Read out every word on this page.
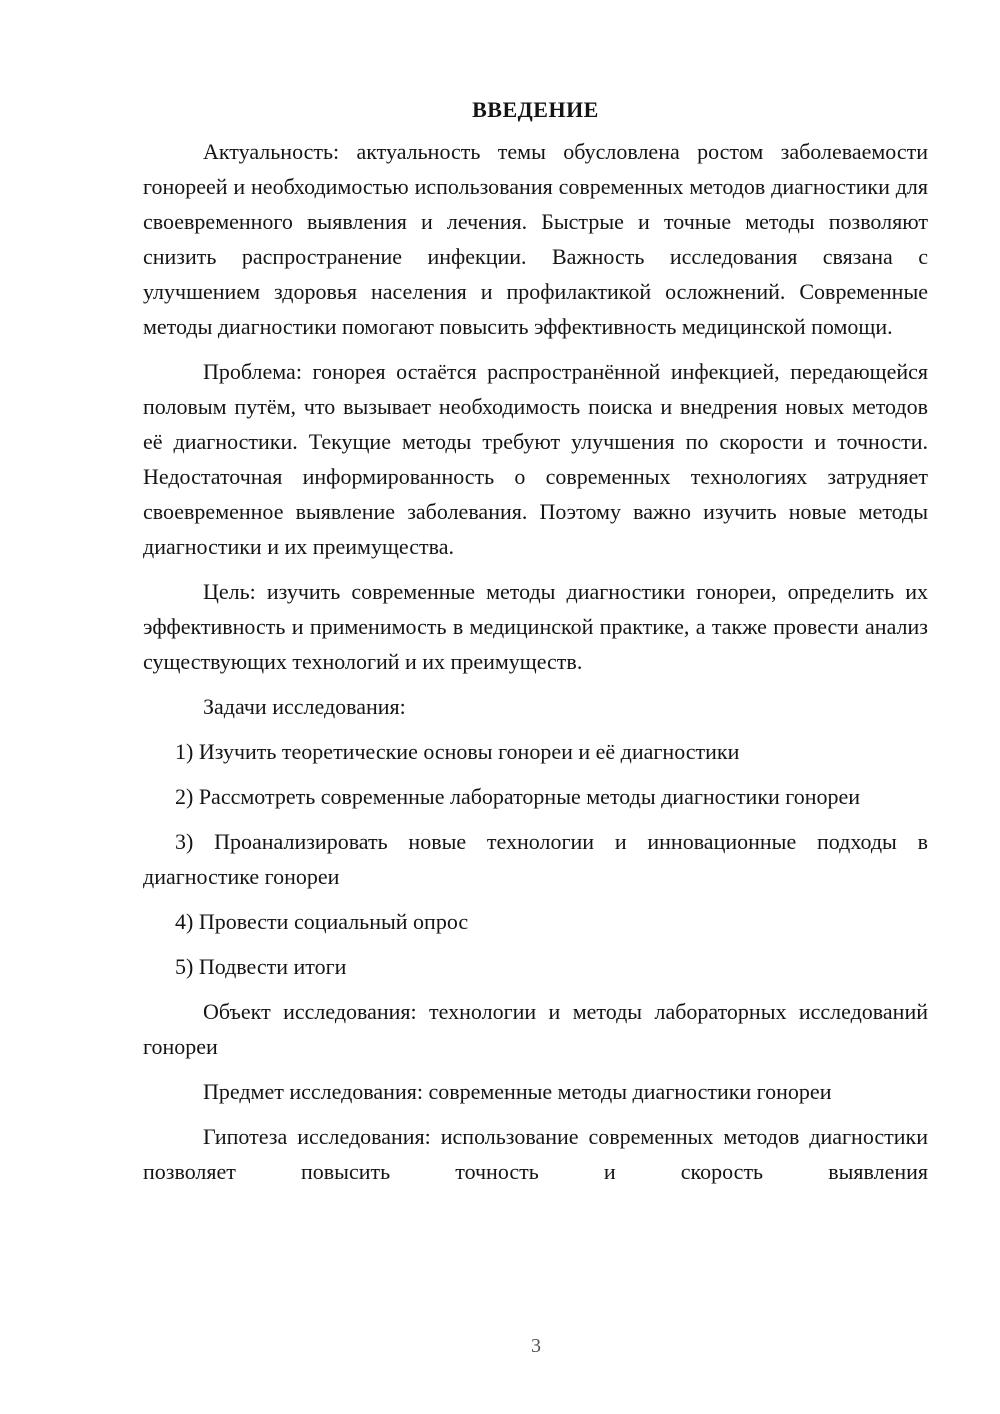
ВВЕДЕНИЕ

Актуальность: актуальность темы обусловлена ростом заболеваемости гонореей и необходимостью использования современных методов диагностики для своевременного выявления и лечения. Быстрые и точные методы позволяют снизить распространение инфекции. Важность исследования связана с улучшением здоровья населения и профилактикой осложнений. Современные методы диагностики помогают повысить эффективность медицинской помощи.

Проблема: гонорея остаётся распространённой инфекцией, передающейся половым путём, что вызывает необходимость поиска и внедрения новых методов её диагностики. Текущие методы требуют улучшения по скорости и точности. Недостаточная информированность о современных технологиях затрудняет своевременное выявление заболевания. Поэтому важно изучить новые методы диагностики и их преимущества.

Цель: изучить современные методы диагностики гонореи, определить их эффективность и применимость в медицинской практике, а также провести анализ существующих технологий и их преимуществ.

Задачи исследования:

1) Изучить теоретические основы гонореи и её диагностики

2) Рассмотреть современные лабораторные методы диагностики гонореи

3) Проанализировать новые технологии и инновационные подходы в диагностике гонореи

4) Провести социальный опрос

5) Подвести итоги

Объект исследования: технологии и методы лабораторных исследований гонореи

Предмет исследования: современные методы диагностики гонореи

Гипотеза исследования: использование современных методов диагностики позволяет повысить точность и скорость выявления

3
